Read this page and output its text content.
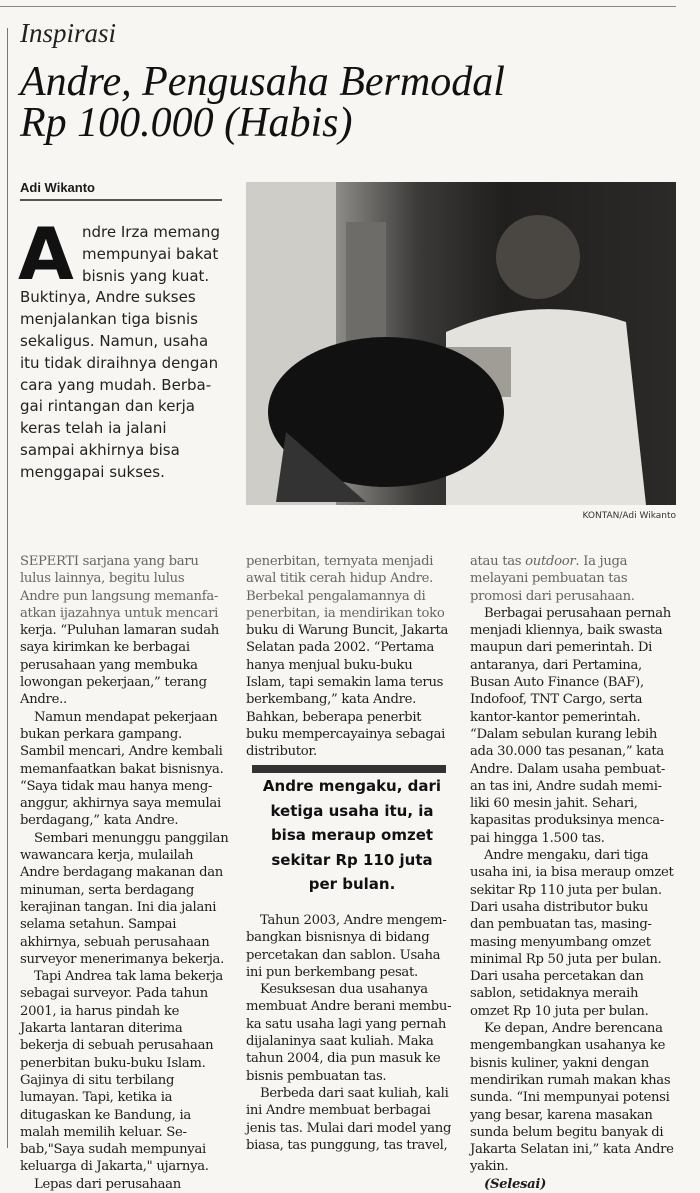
Inspirasi
Andre, Pengusaha Bermodal
Rp 100.000 (Habis)
Adi Wikanto
A ndre Irza memang
mempunyai bakat
bisnis yang kuat.
Buktinya, Andre sukses
menjalankan tiga bisnis
sekaligus. Namun, usaha
itu tidak diraihnya dengan
cara yang mudah. Berba-
gai rintangan dan kerja
keras telah ia jalani
sampai akhirnya bisa
menggapai sukses.
KONTAN/Adi Wikanto
SEPERTI sarjana yang baru
lulus lainnya, begitu lulus
Andre pun langsung memanfa-
atkan ijazahnya untuk mencari
kerja. “Puluhan lamaran sudah
saya kirimkan ke berbagai
perusahaan yang membuka
lowongan pekerjaan,” terang
Andre..
Namun mendapat pekerjaan
bukan perkara gampang.
Sambil mencari, Andre kembali
memanfaatkan bakat bisnisnya.
“Saya tidak mau hanya meng-
anggur, akhirnya saya memulai
berdagang,” kata Andre.
Sembari menunggu panggilan
wawancara kerja, mulailah
Andre berdagang makanan dan
minuman, serta berdagang
kerajinan tangan. Ini dia jalani
selama setahun. Sampai
akhirnya, sebuah perusahaan
surveyor menerimanya bekerja.
Tapi Andrea tak lama bekerja
sebagai surveyor. Pada tahun
2001, ia harus pindah ke
Jakarta lantaran diterima
bekerja di sebuah perusahaan
penerbitan buku-buku Islam.
Gajinya di situ terbilang
lumayan. Tapi, ketika ia
ditugaskan ke Bandung, ia
malah memilih keluar. Se-
bab,"Saya sudah mempunyai
keluarga di Jakarta," ujarnya.
Lepas dari perusahaan
penerbitan, ternyata menjadi
awal titik cerah hidup Andre.
Berbekal pengalamannya di
penerbitan, ia mendirikan toko
buku di Warung Buncit, Jakarta
Selatan pada 2002. “Pertama
hanya menjual buku-buku
Islam, tapi semakin lama terus
berkembang,” kata Andre.
Bahkan, beberapa penerbit
buku mempercayainya sebagai
distributor.
Andre mengaku, dari
ketiga usaha itu, ia
bisa meraup omzet
sekitar Rp 110 juta
per bulan.
Tahun 2003, Andre mengem-
bangkan bisnisnya di bidang
percetakan dan sablon. Usaha
ini pun berkembang pesat.
Kesuksesan dua usahanya
membuat Andre berani membu-
ka satu usaha lagi yang pernah
dijalaninya saat kuliah. Maka
tahun 2004, dia pun masuk ke
bisnis pembuatan tas.
Berbeda dari saat kuliah, kali
ini Andre membuat berbagai
jenis tas. Mulai dari model yang
biasa, tas punggung, tas travel,
atau tas outdoor. Ia juga
melayani pembuatan tas
promosi dari perusahaan.
Berbagai perusahaan pernah
menjadi kliennya, baik swasta
maupun dari pemerintah. Di
antaranya, dari Pertamina,
Busan Auto Finance (BAF),
Indofoof, TNT Cargo, serta
kantor-kantor pemerintah.
“Dalam sebulan kurang lebih
ada 30.000 tas pesanan,” kata
Andre. Dalam usaha pembuat-
an tas ini, Andre sudah memi-
liki 60 mesin jahit. Sehari,
kapasitas produksinya menca-
pai hingga 1.500 tas.
Andre mengaku, dari tiga
usaha ini, ia bisa meraup omzet
sekitar Rp 110 juta per bulan.
Dari usaha distributor buku
dan pembuatan tas, masing-
masing menyumbang omzet
minimal Rp 50 juta per bulan.
Dari usaha percetakan dan
sablon, setidaknya meraih
omzet Rp 10 juta per bulan.
Ke depan, Andre berencana
mengembangkan usahanya ke
bisnis kuliner, yakni dengan
mendirikan rumah makan khas
sunda. “Ini mempunyai potensi
yang besar, karena masakan
sunda belum begitu banyak di
Jakarta Selatan ini,” kata Andre
yakin.
(Selesai)
